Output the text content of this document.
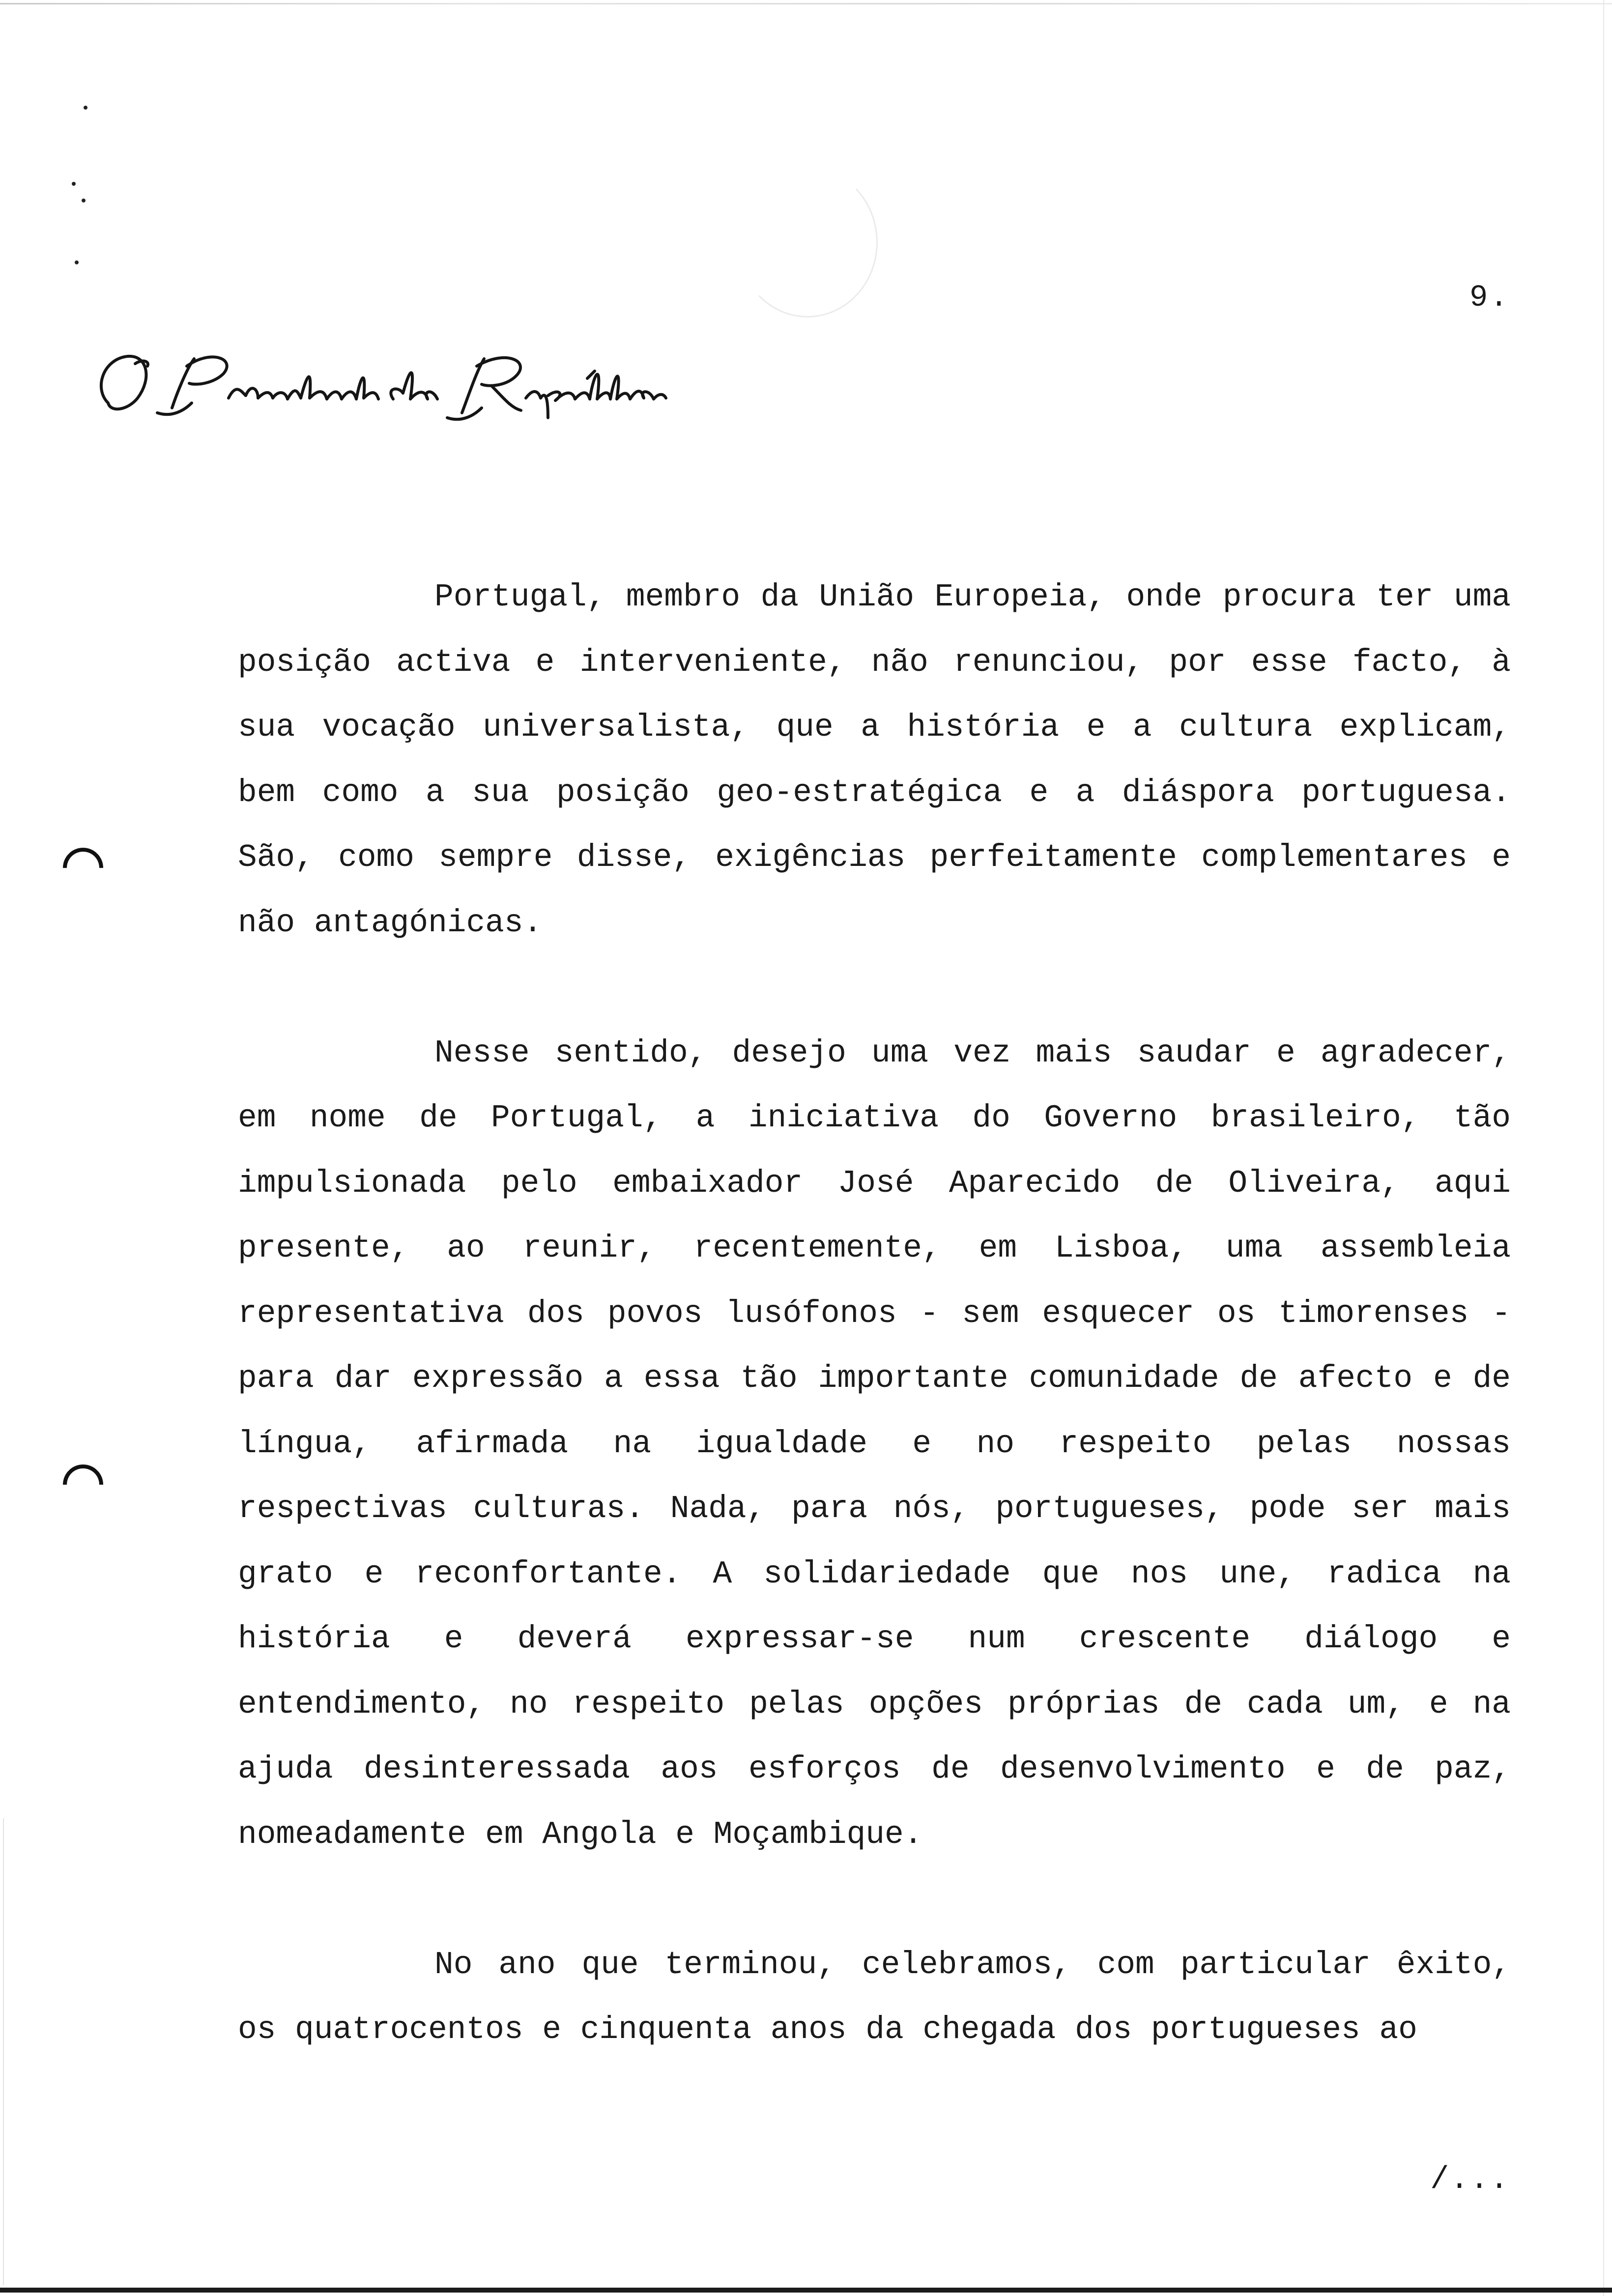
9.

Portugal, membro da União Europeia, onde procura ter uma posição activa e interveniente, não renunciou, por esse facto, à sua vocação universalista, que a história e a cultura explicam, bem como a sua posição geo-estratégica e a diáspora portuguesa. São, como sempre disse, exigências perfeitamente complementares e não antagónicas.

Nesse sentido, desejo uma vez mais saudar e agradecer, em nome de Portugal, a iniciativa do Governo brasileiro, tão impulsionada pelo embaixador José Aparecido de Oliveira, aqui presente, ao reunir, recentemente, em Lisboa, uma assembleia representativa dos povos lusófonos - sem esquecer os timorenses - para dar expressão a essa tão importante comunidade de afecto e de língua, afirmada na igualdade e no respeito pelas nossas respectivas culturas. Nada, para nós, portugueses, pode ser mais grato e reconfortante. A solidariedade que nos une, radica na história e deverá expressar-se num crescente diálogo e entendimento, no respeito pelas opções próprias de cada um, e na ajuda desinteressada aos esforços de desenvolvimento e de paz, nomeadamente em Angola e Moçambique.

No ano que terminou, celebramos, com particular êxito, os quatrocentos e cinquenta anos da chegada dos portugueses ao

/...
